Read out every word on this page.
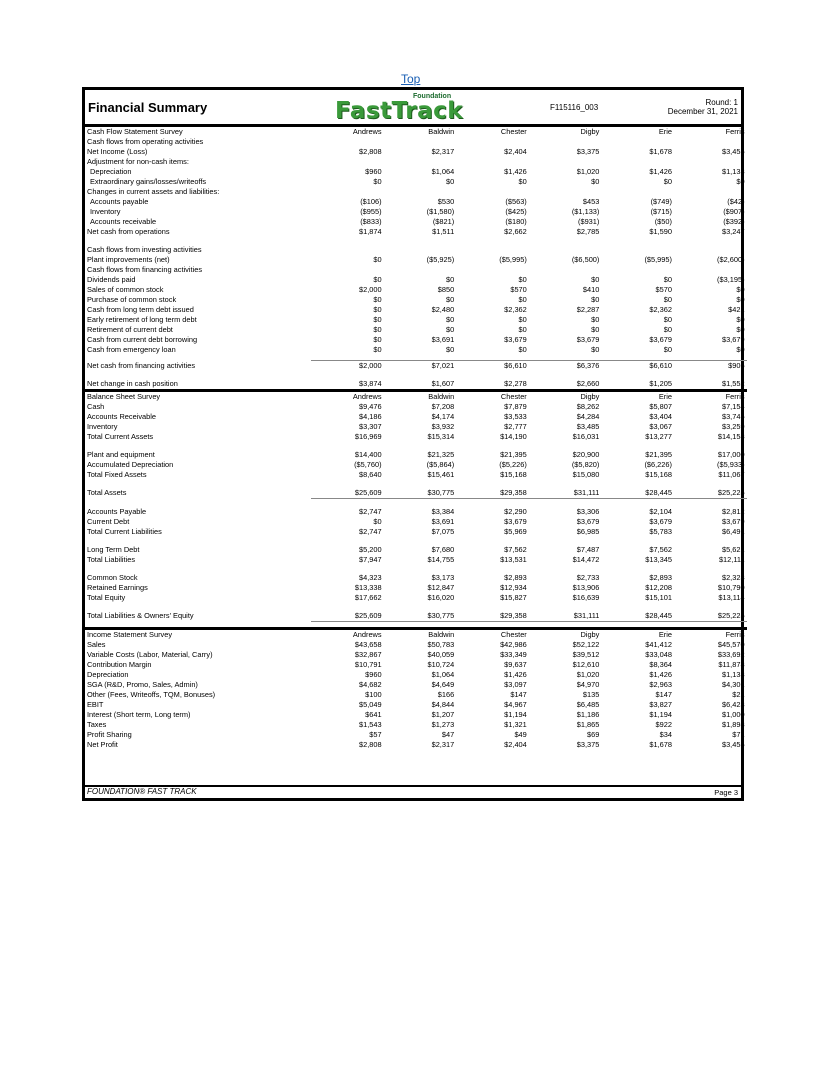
Top
Financial Summary
Foundation
FastTrack	F115116_003
Round: 1
December 31, 2021
Cash Flow Statement Survey	Andrews	Baldwin	Chester	Digby	Erie	Ferris
Cash flows from operating activities						
Net Income (Loss)	$2,808	$2,317	$2,404	$3,375	$1,678	$3,455
Adjustment for non-cash items:						
Depreciation	$960	$1,064	$1,426	$1,020	$1,426	$1,133
Extraordinary gains/losses/writeoffs	$0	$0	$0	$0	$0	$0
Changes in current assets and liabilities:						
Accounts payable	($106)	$530	($563)	$453	($749)	($42)
Inventory	($955)	($1,580)	($425)	($1,133)	($715)	($907)
Accounts receivable	($833)	($821)	($180)	($931)	($50)	($392)
Net cash from operations	$1,874	$1,511	$2,662	$2,785	$1,590	$3,247

Cash flows from investing activities						
Plant improvements (net)	$0	($5,925)	($5,995)	($6,500)	($5,995)	($2,600)
Cash flows from financing activities						
Dividends paid	$0	$0	$0	$0	$0	($3,195)
Sales of common stock	$2,000	$850	$570	$410	$570	$0
Purchase of common stock	$0	$0	$0	$0	$0	$0
Cash from long term debt issued	$0	$2,480	$2,362	$2,287	$2,362	$421
Early retirement of long term debt	$0	$0	$0	$0	$0	$0
Retirement of current debt	$0	$0	$0	$0	$0	$0
Cash from current debt borrowing	$0	$3,691	$3,679	$3,679	$3,679	$3,679
Cash from emergency loan	$0	$0	$0	$0	$0	$0

Net cash from financing activities	$2,000	$7,021	$6,610	$6,376	$6,610	$905

Net change in cash position	$3,874	$1,607	$2,278	$2,660	$1,205	$1,552
Balance Sheet Survey	Andrews	Baldwin	Chester	Digby	Erie	Ferris
Cash	$9,476	$7,208	$7,879	$8,262	$5,807	$7,154
Accounts Receivable	$4,186	$4,174	$3,533	$4,284	$3,404	$3,745
Inventory	$3,307	$3,932	$2,777	$3,485	$3,067	$3,259
Total Current Assets	$16,969	$15,314	$14,190	$16,031	$13,277	$14,158

Plant and equipment	$14,400	$21,325	$21,395	$20,900	$21,395	$17,000
Accumulated Depreciation	($5,760)	($5,864)	($5,226)	($5,820)	($6,226)	($5,933)
Total Fixed Assets	$8,640	$15,461	$15,168	$15,080	$15,168	$11,067

Total Assets	$25,609	$30,775	$29,358	$31,111	$28,445	$25,225

Accounts Payable	$2,747	$3,384	$2,290	$3,306	$2,104	$2,812
Current Debt	$0	$3,691	$3,679	$3,679	$3,679	$3,679
Total Current Liabilities	$2,747	$7,075	$5,969	$6,985	$5,783	$6,491

Long Term Debt	$5,200	$7,680	$7,562	$7,487	$7,562	$5,621
Total Liabilities	$7,947	$14,755	$13,531	$14,472	$13,345	$12,111

Common Stock	$4,323	$3,173	$2,893	$2,733	$2,893	$2,323
Retained Earnings	$13,338	$12,847	$12,934	$13,906	$12,208	$10,790
Total Equity	$17,662	$16,020	$15,827	$16,639	$15,101	$13,114

Total Liabilities & Owners' Equity	$25,609	$30,775	$29,358	$31,111	$28,445	$25,225

Income Statement Survey	Andrews	Baldwin	Chester	Digby	Erie	Ferris
Sales	$43,658	$50,783	$42,986	$52,122	$41,412	$45,570
Variable Costs (Labor, Material, Carry)	$32,867	$40,059	$33,349	$39,512	$33,048	$33,692
Contribution Margin	$10,791	$10,724	$9,637	$12,610	$8,364	$11,878
Depreciation	$960	$1,064	$1,426	$1,020	$1,426	$1,133
SGA (R&D, Promo, Sales, Admin)	$4,682	$4,649	$3,097	$4,970	$2,963	$4,301
Other (Fees, Writeoffs, TQM, Bonuses)	$100	$166	$147	$135	$147	$21
EBIT	$5,049	$4,844	$4,967	$6,485	$3,827	$6,423
Interest (Short term, Long term)	$641	$1,207	$1,194	$1,186	$1,194	$1,000
Taxes	$1,543	$1,273	$1,321	$1,865	$922	$1,898
Profit Sharing	$57	$47	$49	$69	$34	$71
Net Profit	$2,808	$2,317	$2,404	$3,375	$1,678	$3,455
FOUNDATION® FAST TRACK	Page 3
